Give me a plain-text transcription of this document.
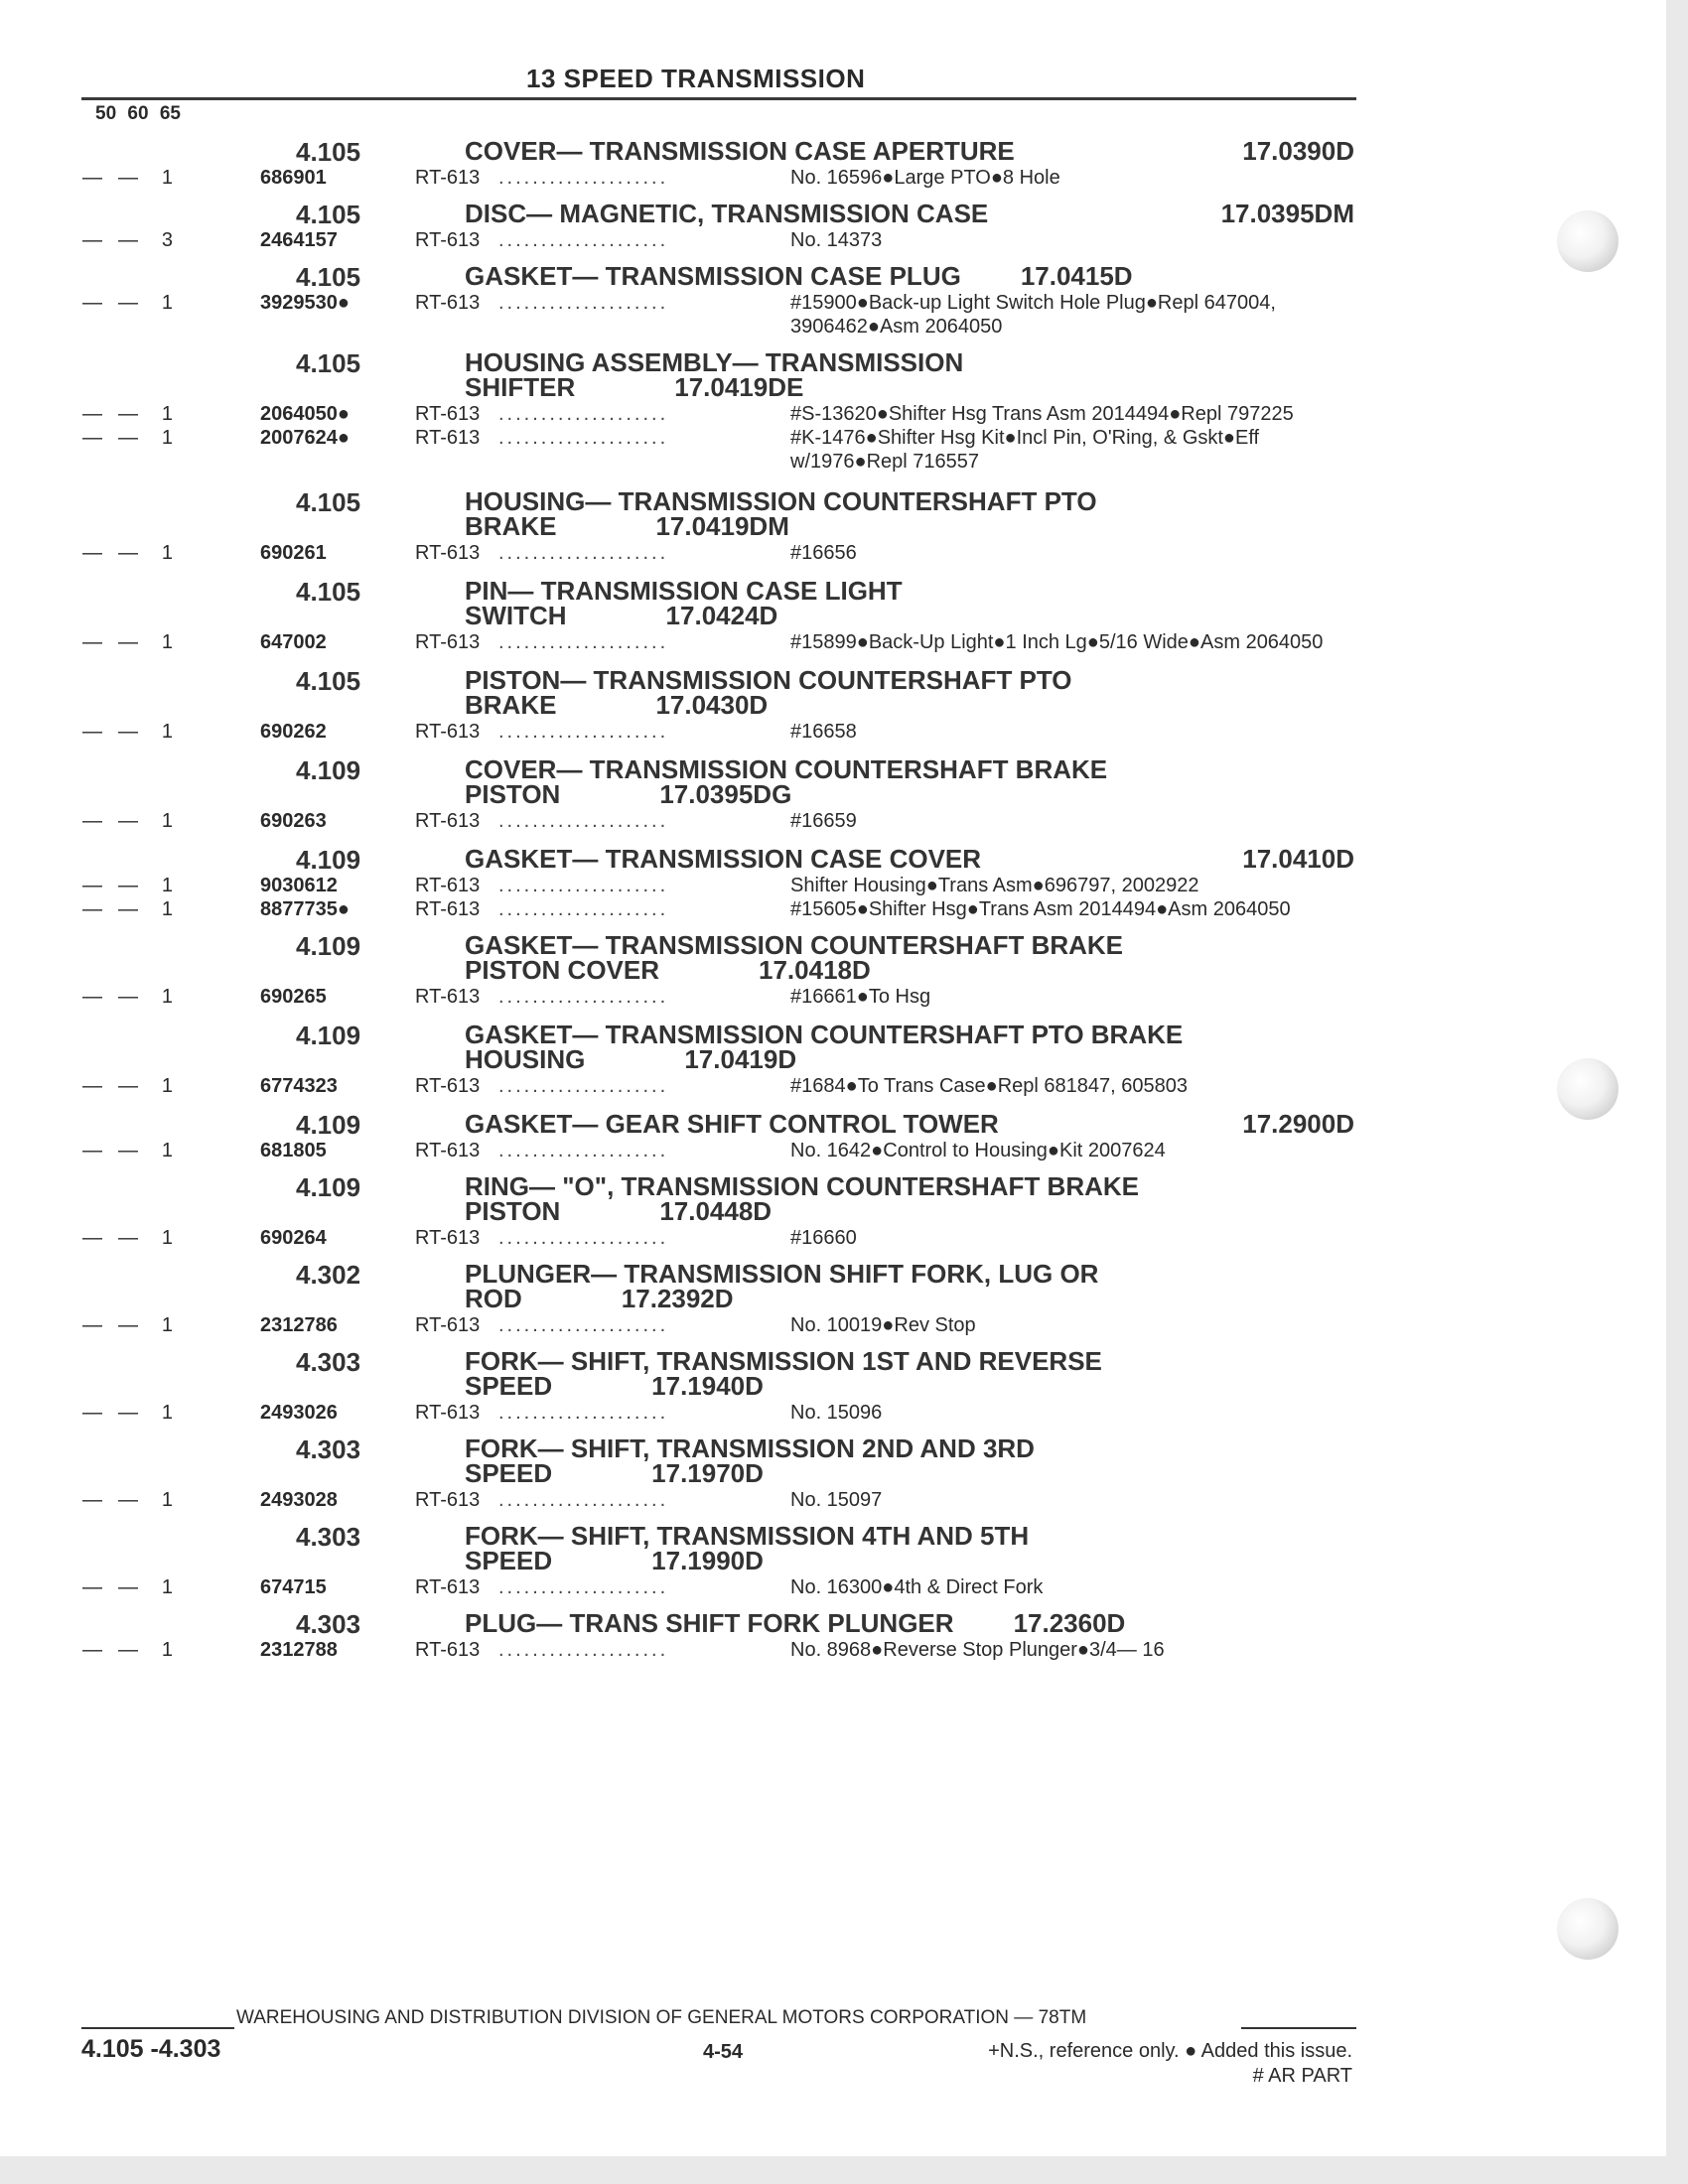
13 SPEED TRANSMISSION
50 60 65
4.105	COVER— TRANSMISSION CASE APERTURE	17.0390D
— — 1	686901	RT-613 ....................	No. 16596●Large PTO●8 Hole
4.105	DISC— MAGNETIC, TRANSMISSION CASE	17.0395DM
— — 3	2464157	RT-613 ....................	No. 14373
4.105	GASKET— TRANSMISSION CASE PLUG 17.0415D
— — 1	3929530●	RT-613 ....................	#15900●Back-up Light Switch Hole Plug●Repl 647004, 3906462●Asm 2064050
4.105	HOUSING ASSEMBLY— TRANSMISSION
SHIFTER	17.0419DE
— — 1	2064050●	RT-613 ....................	#S-13620●Shifter Hsg Trans Asm 2014494●Repl 797225
— — 1	2007624●	RT-613 ....................	#K-1476●Shifter Hsg Kit●Incl Pin, O'Ring, & Gskt●Eff w/1976●Repl 716557
4.105	HOUSING— TRANSMISSION COUNTERSHAFT PTO
BRAKE	17.0419DM
— — 1	690261	RT-613 ....................	#16656
4.105	PIN— TRANSMISSION CASE LIGHT
SWITCH	17.0424D
— — 1	647002	RT-613 ....................	#15899●Back-Up Light●1 Inch Lg●5/16 Wide●Asm 2064050
4.105	PISTON— TRANSMISSION COUNTERSHAFT PTO
BRAKE	17.0430D
— — 1	690262	RT-613 ....................	#16658
4.109	COVER— TRANSMISSION COUNTERSHAFT BRAKE
PISTON	17.0395DG
— — 1	690263	RT-613 ....................	#16659
4.109	GASKET— TRANSMISSION CASE COVER	17.0410D
— — 1	9030612	RT-613 ....................	Shifter Housing●Trans Asm●696797, 2002922
— — 1	8877735●	RT-613 ....................	#15605●Shifter Hsg●Trans Asm 2014494●Asm 2064050
4.109	GASKET— TRANSMISSION COUNTERSHAFT BRAKE
PISTON COVER	17.0418D
— — 1	690265	RT-613 ....................	#16661●To Hsg
4.109	GASKET— TRANSMISSION COUNTERSHAFT PTO BRAKE
HOUSING	17.0419D
— — 1	6774323	RT-613 ....................	#1684●To Trans Case●Repl 681847, 605803
4.109	GASKET— GEAR SHIFT CONTROL TOWER	17.2900D
— — 1	681805	RT-613 ....................	No. 1642●Control to Housing●Kit 2007624
4.109	RING— "O", TRANSMISSION COUNTERSHAFT BRAKE
PISTON	17.0448D
— — 1	690264	RT-613 ....................	#16660
4.302	PLUNGER— TRANSMISSION SHIFT FORK, LUG OR
ROD	17.2392D
— — 1	2312786	RT-613 ....................	No. 10019●Rev Stop
4.303	FORK— SHIFT, TRANSMISSION 1ST AND REVERSE
SPEED	17.1940D
— — 1	2493026	RT-613 ....................	No. 15096
4.303	FORK— SHIFT, TRANSMISSION 2ND AND 3RD
SPEED	17.1970D
— — 1	2493028	RT-613 ....................	No. 15097
4.303	FORK— SHIFT, TRANSMISSION 4TH AND 5TH
SPEED	17.1990D
— — 1	674715	RT-613 ....................	No. 16300●4th & Direct Fork
4.303	PLUG— TRANS SHIFT FORK PLUNGER 17.2360D
— — 1	2312788	RT-613 ....................	No. 8968●Reverse Stop Plunger●3/4— 16
WAREHOUSING AND DISTRIBUTION DIVISION OF GENERAL MOTORS CORPORATION — 78TM
4.105 -4.303	4-54	+N.S., reference only. ● Added this issue.
# AR PART
